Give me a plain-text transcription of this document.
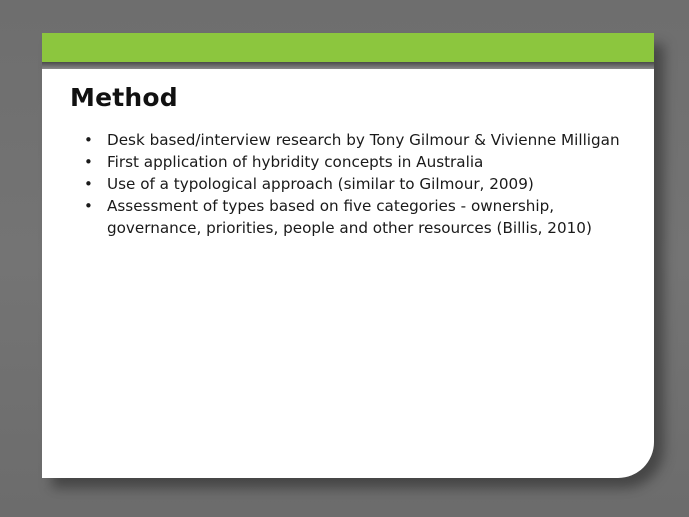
Method
• Desk based/interview research by Tony Gilmour & Vivienne Milligan
• First application of hybridity concepts in Australia
• Use of a typological approach (similar to Gilmour, 2009)
• Assessment of types based on five categories - ownership, governance, priorities, people and other resources (Billis, 2010)
